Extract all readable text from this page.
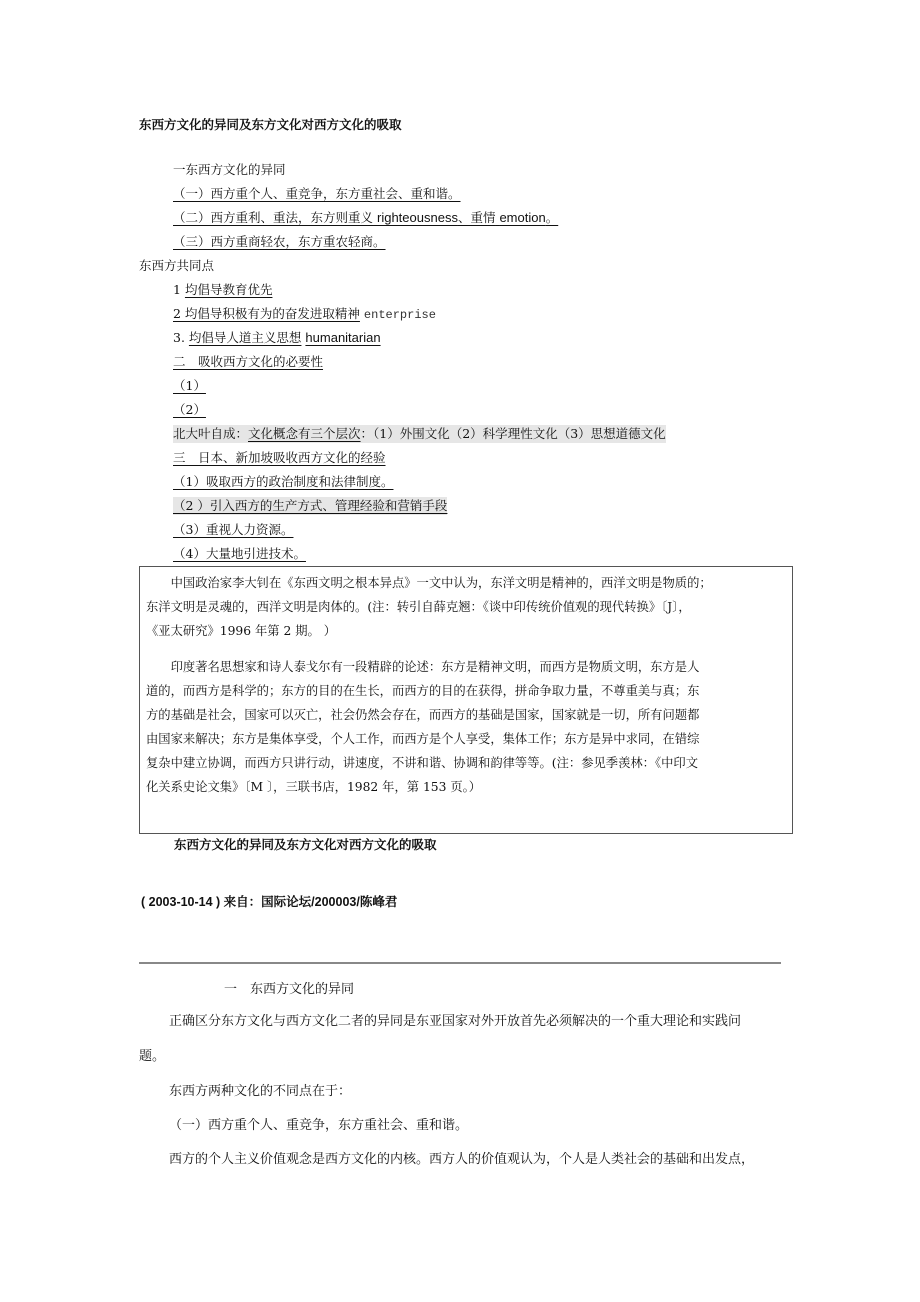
东西方文化的异同及东方文化对西方文化的吸取
一东西方文化的异同
（一）西方重个人、重竞争，东方重社会、重和谐。
（二）西方重利、重法，东方则重义 righteousness、重情 emotion。
（三）西方重商轻农，东方重农轻商。
东西方共同点
1 均倡导教育优先
2 均倡导积极有为的奋发进取精神 enterprise
3. 均倡导人道主义思想 humanitarian
二　吸收西方文化的必要性
（1）
（2）
北大叶自成：文化概念有三个层次：（1）外围文化（2）科学理性文化（3）思想道德文化
三　日本、新加坡吸收西方文化的经验
（1）吸取西方的政治制度和法律制度。
（2 ）引入西方的生产方式、管理经验和营销手段
（3）重视人力资源。
（4）大量地引进技术。
　　中国政治家李大钊在《东西文明之根本异点》一文中认为，东洋文明是精神的，西洋文明是物质的；
东洋文明是灵魂的，西洋文明是肉体的。(注：转引自薛克翘：《谈中印传统价值观的现代转换》〔J〕，
《亚太研究》1996 年第 2 期。 ）
　　印度著名思想家和诗人泰戈尔有一段精辟的论述：东方是精神文明，而西方是物质文明，东方是人
道的，而西方是科学的；东方的目的在生长，而西方的目的在获得，拼命争取力量，不尊重美与真；东
方的基础是社会，国家可以灭亡，社会仍然会存在，而西方的基础是国家，国家就是一切，所有问题都
由国家来解决；东方是集体享受，个人工作，而西方是个人享受，集体工作；东方是异中求同，在错综
复杂中建立协调，而西方只讲行动，讲速度，不讲和谐、协调和韵律等等。(注：参见季羡林：《中印文
化关系史论文集》〔M 〕，三联书店，1982 年，第 153 页。）
东西方文化的异同及东方文化对西方文化的吸取
( 2003-10-14 ) 来自：国际论坛/200003/陈峰君
一　东西方文化的异同
正确区分东方文化与西方文化二者的异同是东亚国家对外开放首先必须解决的一个重大理论和实践问
题。
东西方两种文化的不同点在于：
（一）西方重个人、重竞争，东方重社会、重和谐。
西方的个人主义价值观念是西方文化的内核。西方人的价值观认为，个人是人类社会的基础和出发点，
